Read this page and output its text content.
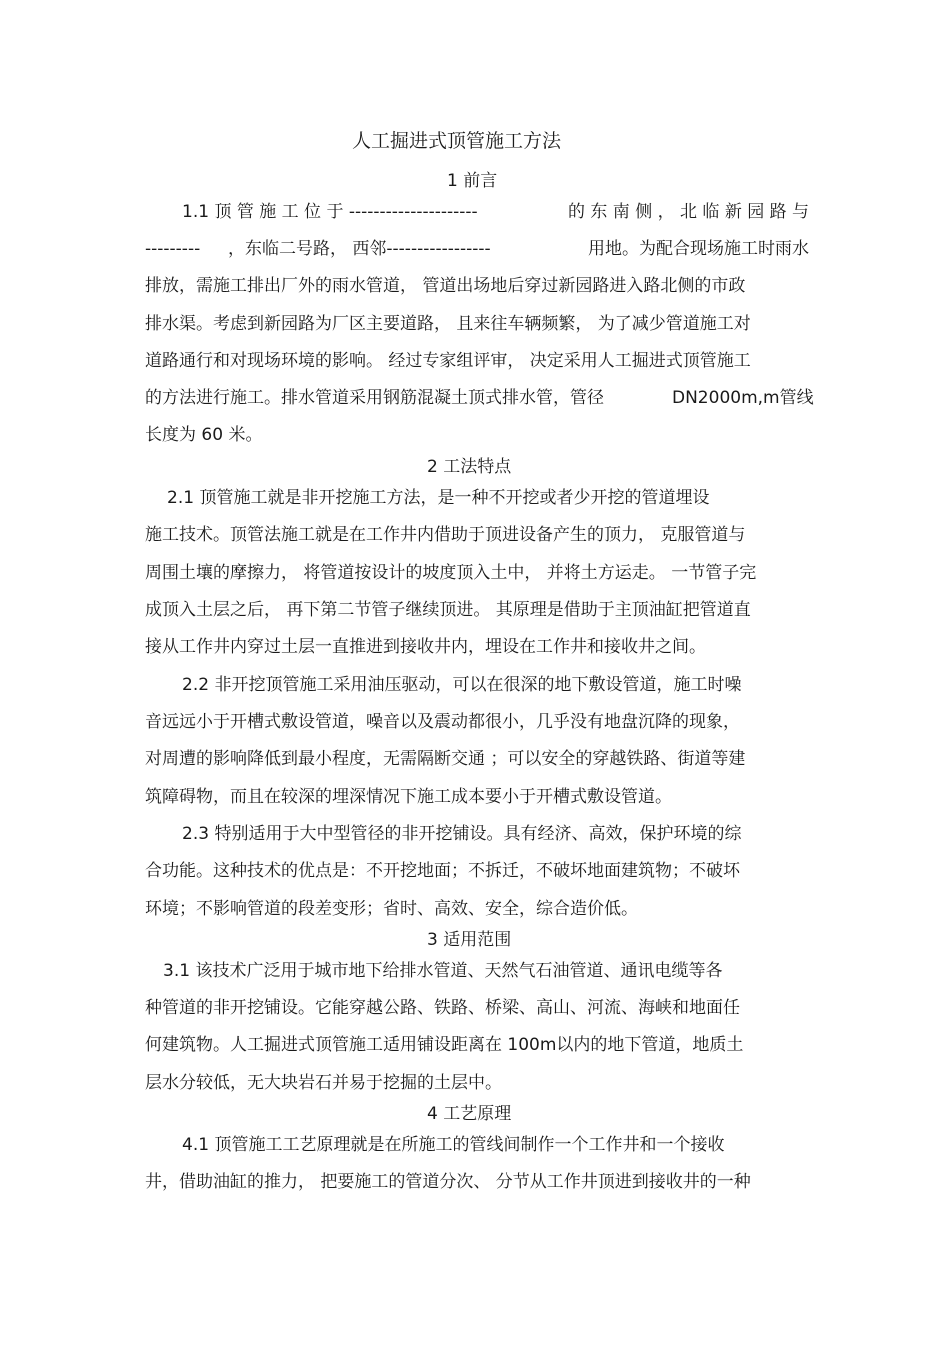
人工掘进式顶管施工方法
1 前言
1.1 顶 管 施 工 位 于 ---------------------	的 东 南 侧 ， 北 临 新 园 路 与
--------- ，东临二号路， 西邻-----------------	用地。为配合现场施工时雨水
排放，需施工排出厂外的雨水管道， 管道出场地后穿过新园路进入路北侧的市政
排水渠。考虑到新园路为厂区主要道路， 且来往车辆频繁， 为了减少管道施工对
道路通行和对现场环境的影响。 经过专家组评审， 决定采用人工掘进式顶管施工
的方法进行施工。排水管道采用钢筋混凝土顶式排水管，管径	DN2000m,m管线
长度为 60 米。
2 工法特点
2.1 顶管施工就是非开挖施工方法，是一种不开挖或者少开挖的管道埋设
施工技术。顶管法施工就是在工作井内借助于顶进设备产生的顶力， 克服管道与
周围土壤的摩擦力， 将管道按设计的坡度顶入土中， 并将土方运走。 一节管子完
成顶入土层之后， 再下第二节管子继续顶进。 其原理是借助于主顶油缸把管道直
接从工作井内穿过土层一直推进到接收井内，埋设在工作井和接收井之间。
2.2 非开挖顶管施工采用油压驱动，可以在很深的地下敷设管道，施工时噪
音远远小于开槽式敷设管道，噪音以及震动都很小，几乎没有地盘沉降的现象，
对周遭的影响降低到最小程度，无需隔断交通 ；可以安全的穿越铁路、街道等建
筑障碍物，而且在较深的埋深情况下施工成本要小于开槽式敷设管道。
2.3 特别适用于大中型管径的非开挖铺设。具有经济、高效，保护环境的综
合功能。这种技术的优点是：不开挖地面；不拆迁，不破坏地面建筑物；不破坏
环境；不影响管道的段差变形；省时、高效、安全，综合造价低。
3 适用范围
3.1 该技术广泛用于城市地下给排水管道、天然气石油管道、通讯电缆等各
种管道的非开挖铺设。它能穿越公路、铁路、桥梁、高山、河流、海峡和地面任
何建筑物。人工掘进式顶管施工适用铺设距离在 100m以内的地下管道，地质土
层水分较低，无大块岩石并易于挖掘的土层中。
4 工艺原理
4.1 顶管施工工艺原理就是在所施工的管线间制作一个工作井和一个接收
井，借助油缸的推力， 把要施工的管道分次、 分节从工作井顶进到接收井的一种
